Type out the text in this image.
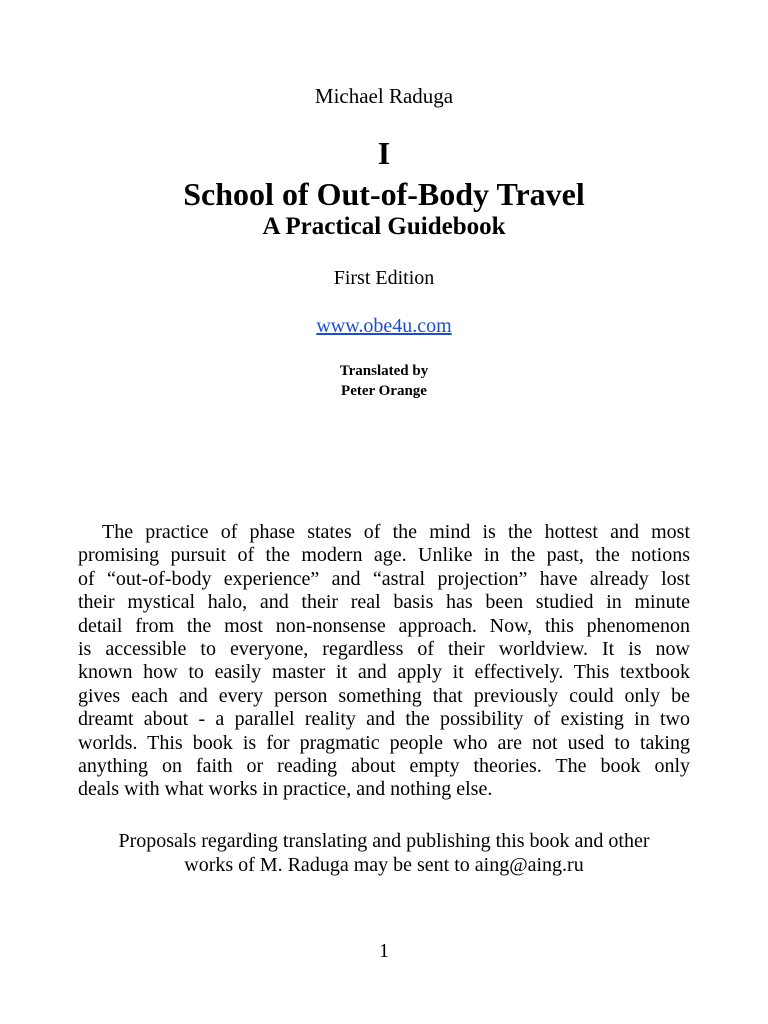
Michael Raduga
I
School of Out-of-Body Travel
A Practical Guidebook
First Edition
www.obe4u.com
Translated by
Peter Orange
The practice of phase states of the mind is the hottest and most
promising pursuit of the modern age. Unlike in the past, the notions
of “out-of-body experience” and “astral projection” have already lost
their mystical halo, and their real basis has been studied in minute
detail from the most non-nonsense approach. Now, this phenomenon
is accessible to everyone, regardless of their worldview. It is now
known how to easily master it and apply it effectively. This textbook
gives each and every person something that previously could only be
dreamt about - a parallel reality and the possibility of existing in two
worlds. This book is for pragmatic people who are not used to taking
anything on faith or reading about empty theories. The book only
deals with what works in practice, and nothing else.
Proposals regarding translating and publishing this book and other
works of M. Raduga may be sent to aing@aing.ru
1
